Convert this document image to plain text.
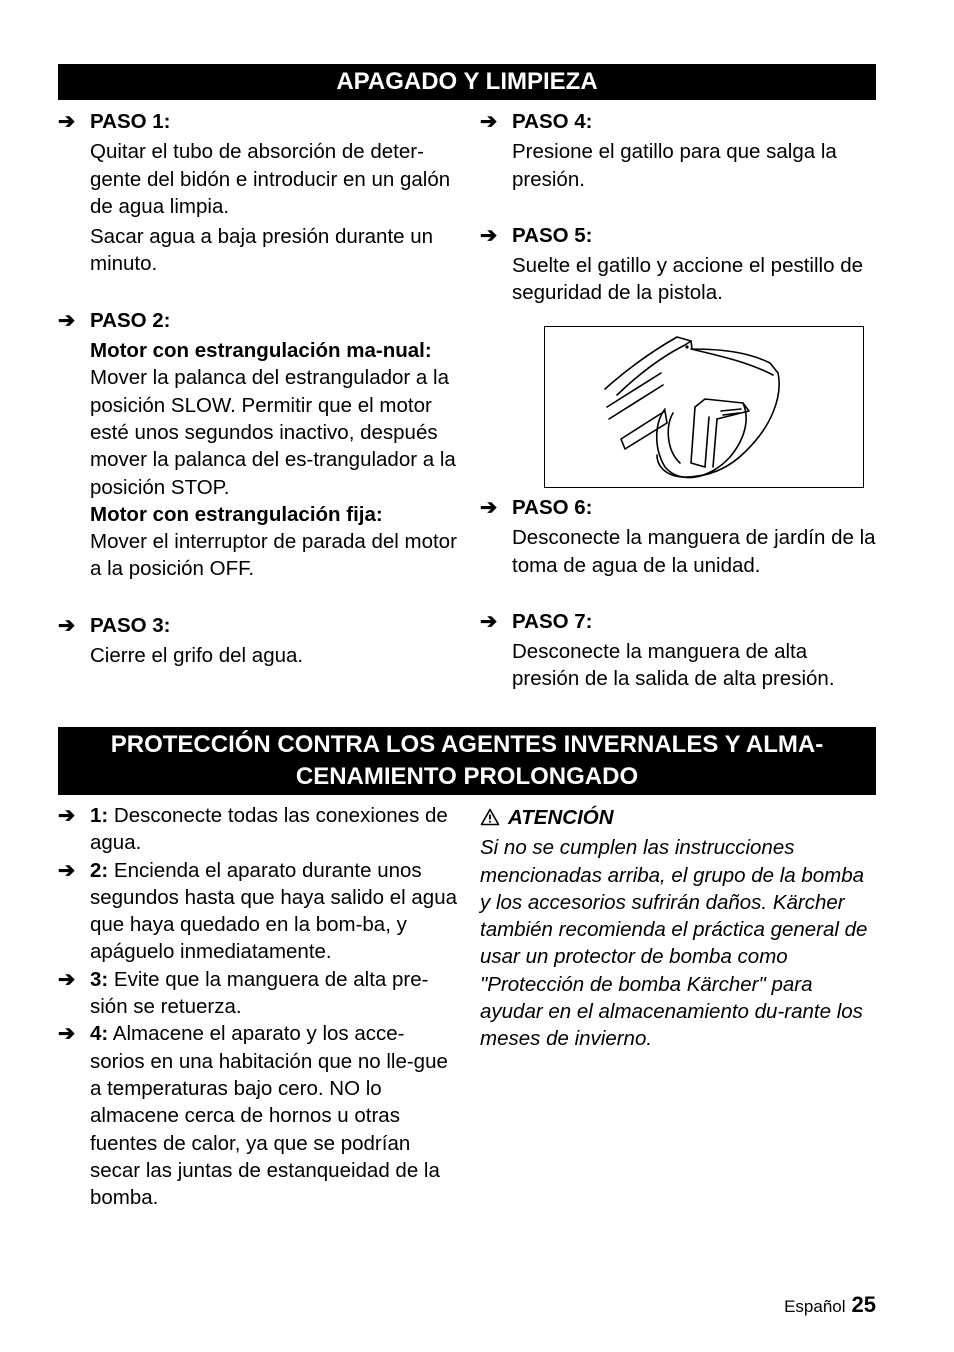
APAGADO Y LIMPIEZA
➔ PASO 1:

Quitar el tubo de absorción de deter-gente del bidón e introducir en un galón de agua limpia.

Sacar agua a baja presión durante un minuto.

➔ PASO 2:

Motor con estrangulación ma-nual:

Mover la palanca del estrangulador a la posición SLOW. Permitir que el motor esté unos segundos inactivo, después mover la palanca del es-trangulador a la posición STOP.

Motor con estrangulación fija:

Mover el interruptor de parada del motor a la posición OFF.

➔ PASO 3:

Cierre el grifo del agua.

➔ PASO 4:

Presione el gatillo para que salga la presión.

➔ PASO 5:

Suelte el gatillo y accione el pestillo de seguridad de la pistola.

➔ PASO 6:

Desconecte la manguera de jardín de la toma de agua de la unidad.

➔ PASO 7:

Desconecte la manguera de alta presión de la salida de alta presión.

PROTECCIÓN CONTRA LOS AGENTES INVERNALES Y ALMA-
CENAMIENTO PROLONGADO
➔ 1: Desconecte todas las conexiones de agua.
➔ 2: Encienda el aparato durante unos segundos hasta que haya salido el agua que haya quedado en la bom-ba, y apáguelo inmediatamente.
➔ 3: Evite que la manguera de alta pre-sión se retuerza.
➔ 4: Almacene el aparato y los acce-sorios en una habitación que no lle-gue a temperaturas bajo cero. NO lo almacene cerca de hornos u otras fuentes de calor, ya que se podrían secar las juntas de estanqueidad de la bomba.
ATENCIÓN

Si no se cumplen las instrucciones mencionadas arriba, el grupo de la bomba y los accesorios sufrirán daños. Kärcher también recomienda el práctica general de usar un protector de bomba como "Protección de bomba Kärcher" para ayudar en el almacenamiento du-rante los meses de invierno.

Español 25
